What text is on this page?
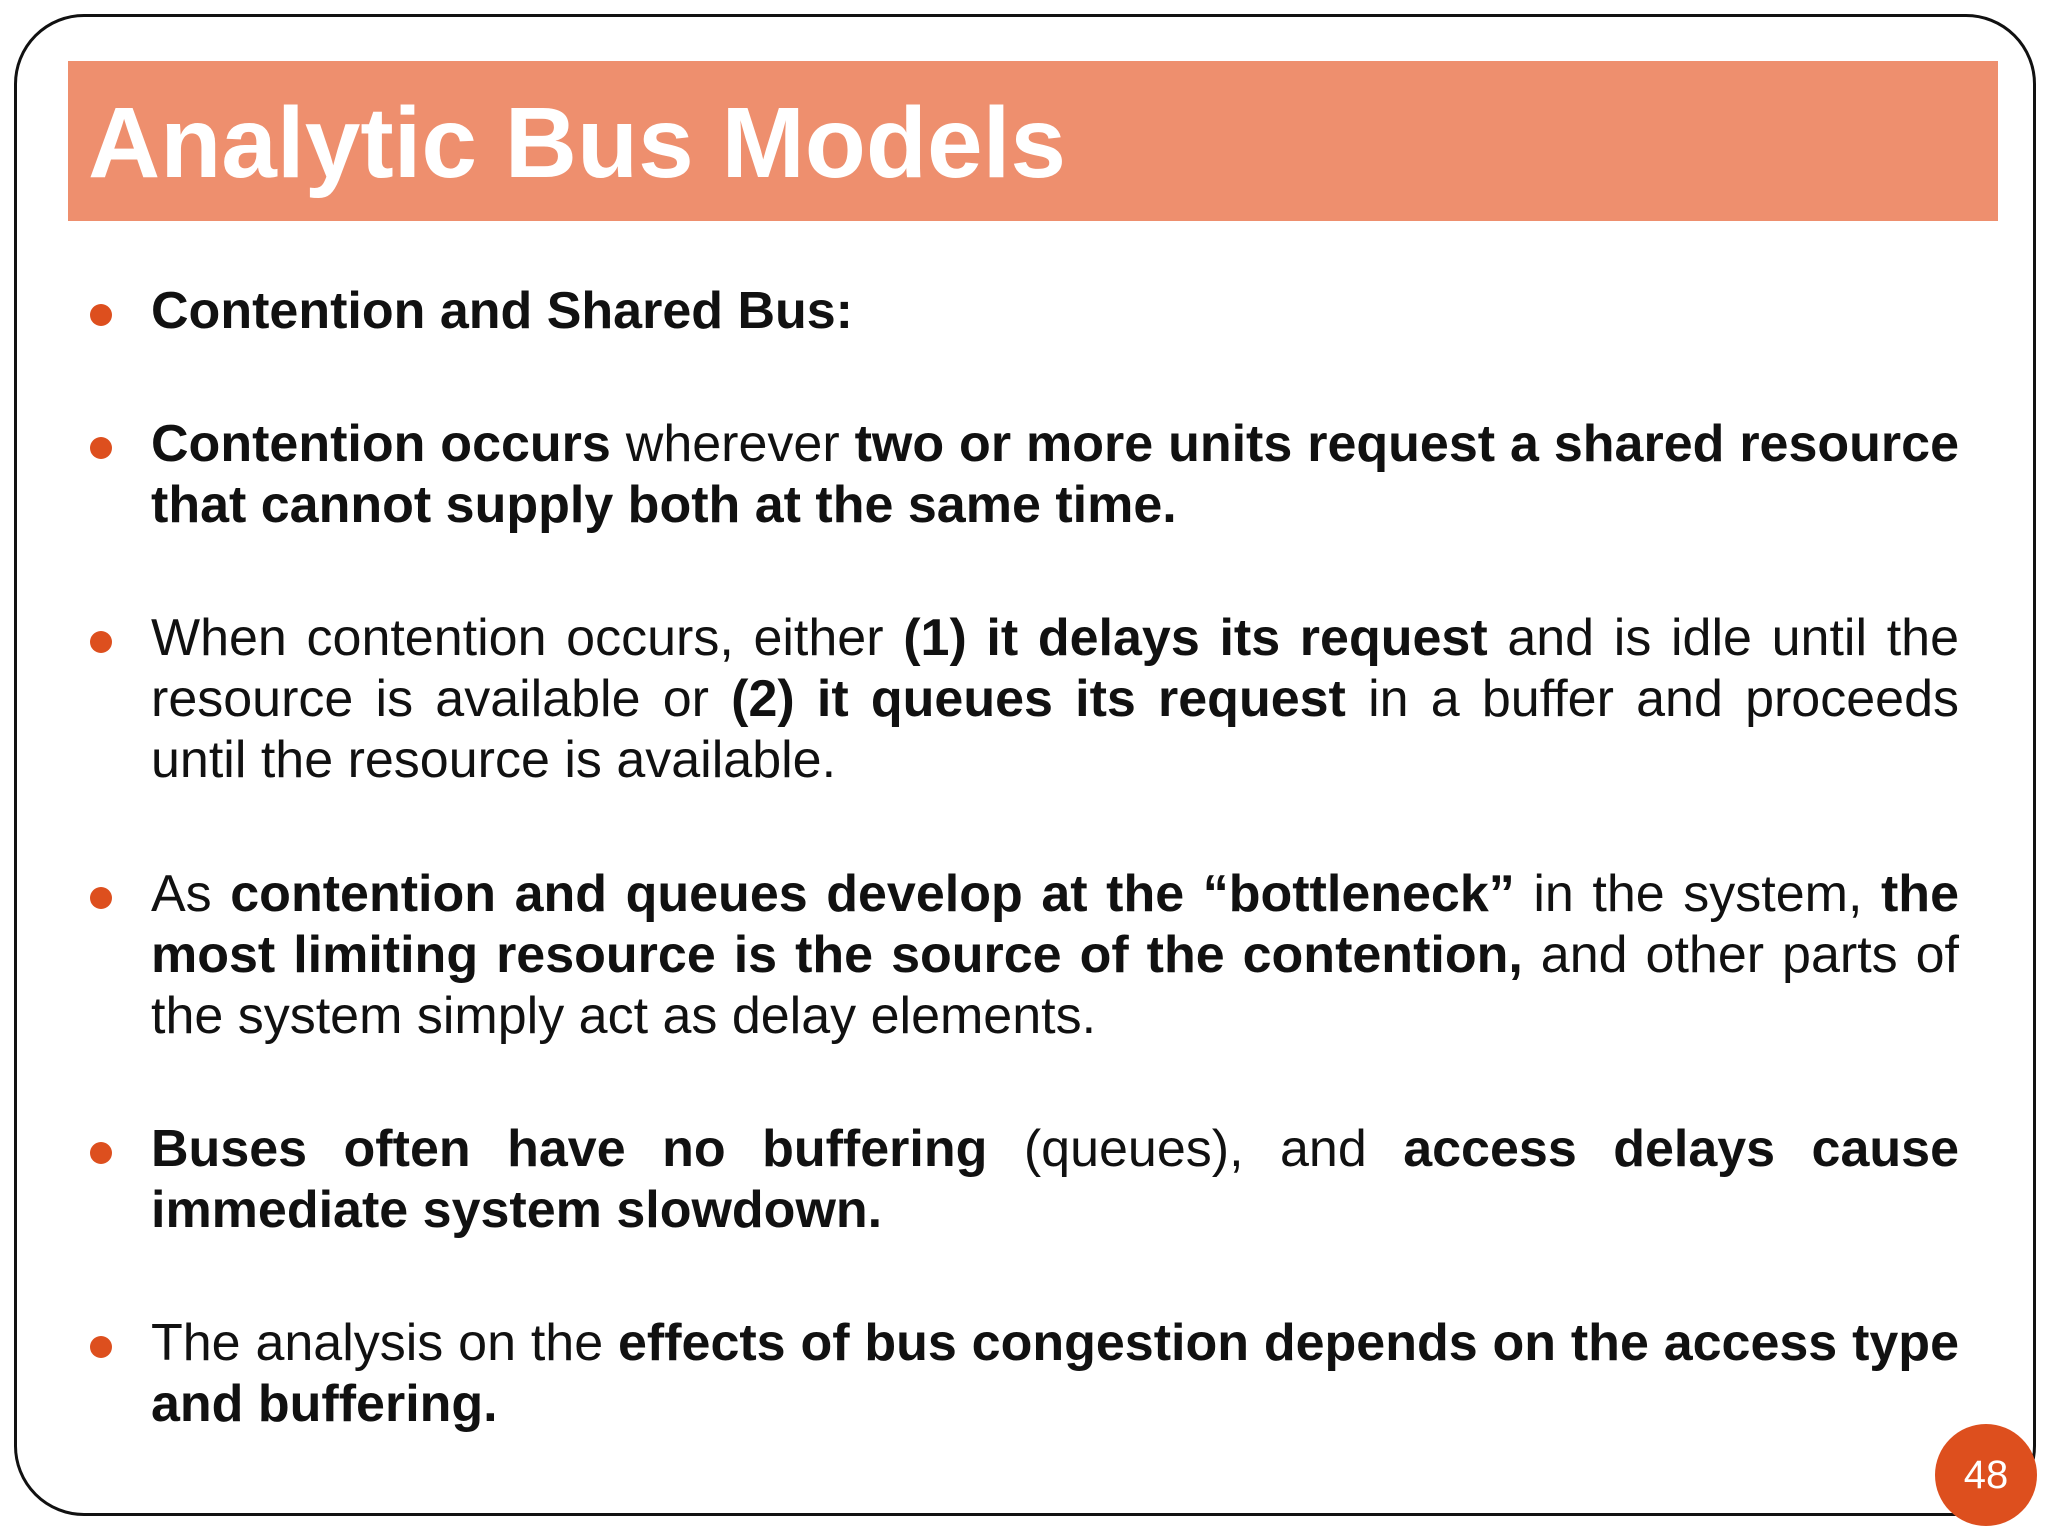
Analytic Bus Models
Contention and Shared Bus:
Contention occurs wherever two or more units request a shared resource that cannot supply both at the same time.
When contention occurs, either (1) it delays its request and is idle until the resource is available or (2) it queues its request in a buffer and proceeds until the resource is available.
As contention and queues develop at the “bottleneck” in the system, the most limiting resource is the source of the contention, and other parts of the system simply act as delay elements.
Buses often have no buffering (queues), and access delays cause immediate system slowdown.
The analysis on the effects of bus congestion depends on the access type and buffering.
48
